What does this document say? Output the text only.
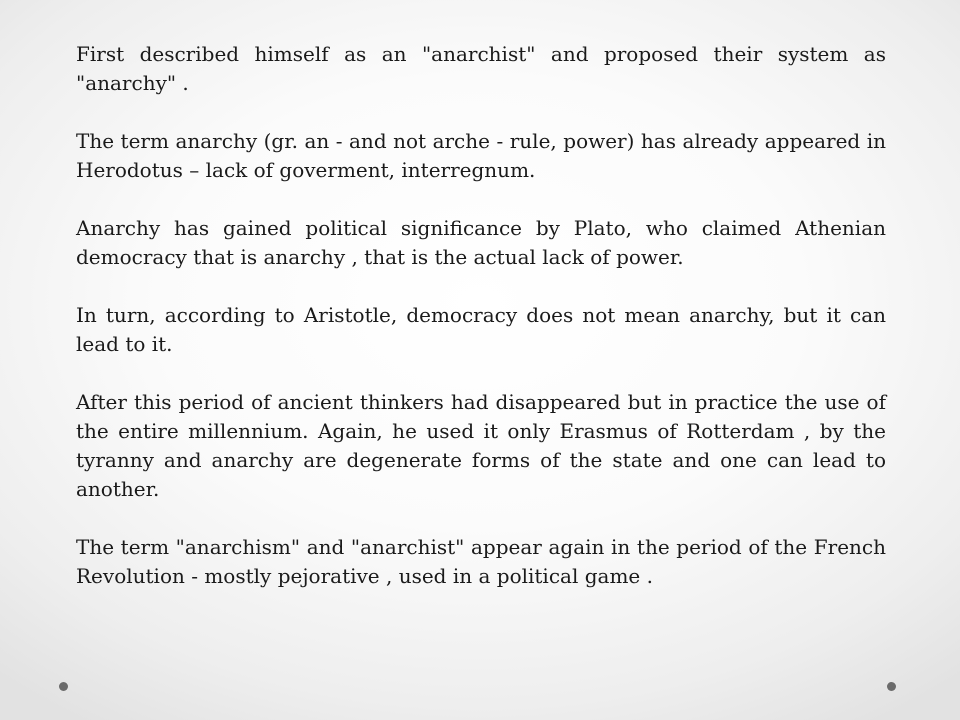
First described himself as an "anarchist" and proposed their system as "anarchy" .

The term anarchy (gr. an - and not arche - rule, power) has already appeared in Herodotus – lack of goverment, interregnum.

Anarchy has gained political significance by Plato, who claimed Athenian democracy that is anarchy , that is the actual lack of power.

In turn, according to Aristotle, democracy does not mean anarchy, but it can lead to it.

After this period of ancient thinkers had disappeared but in practice the use of the entire millennium. Again, he used it only Erasmus of Rotterdam , by the tyranny and anarchy are degenerate forms of the state and one can lead to another.

The term "anarchism" and "anarchist" appear again in the period of the French Revolution - mostly pejorative , used in a political game .
